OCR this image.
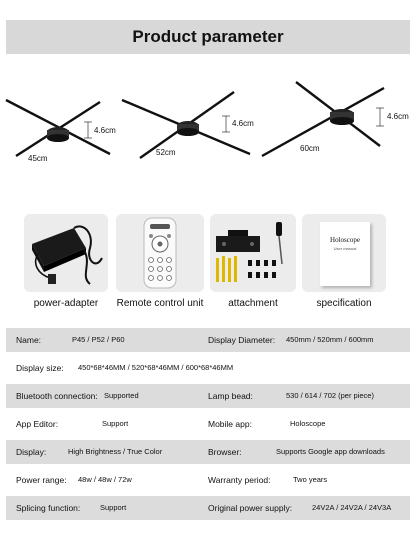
Product parameter
4.6cm
45cm
4.6cm
52cm
4.6cm
60cm
power-adapter	Remote control unit	attachment
Holoscope
User manual
specification
Name:	P45 / P52 / P60	Display Diameter: 450mm / 520mm / 600mm
Display size: 450*68*46MM / 520*68*46MM / 600*68*46MM
Bluetooth connection: Supported	Lamp bead:	530 / 614 / 702 (per piece)
App Editor:	Support	Mobile app:	Holoscope
Display:	High Brightness / True Color	Browser:	Supports Google app downloads
Power range: 48w / 48w / 72w	Warranty period:	Two years
Splicing function:	Support	Original power supply:	24V2A / 24V2A / 24V3A
